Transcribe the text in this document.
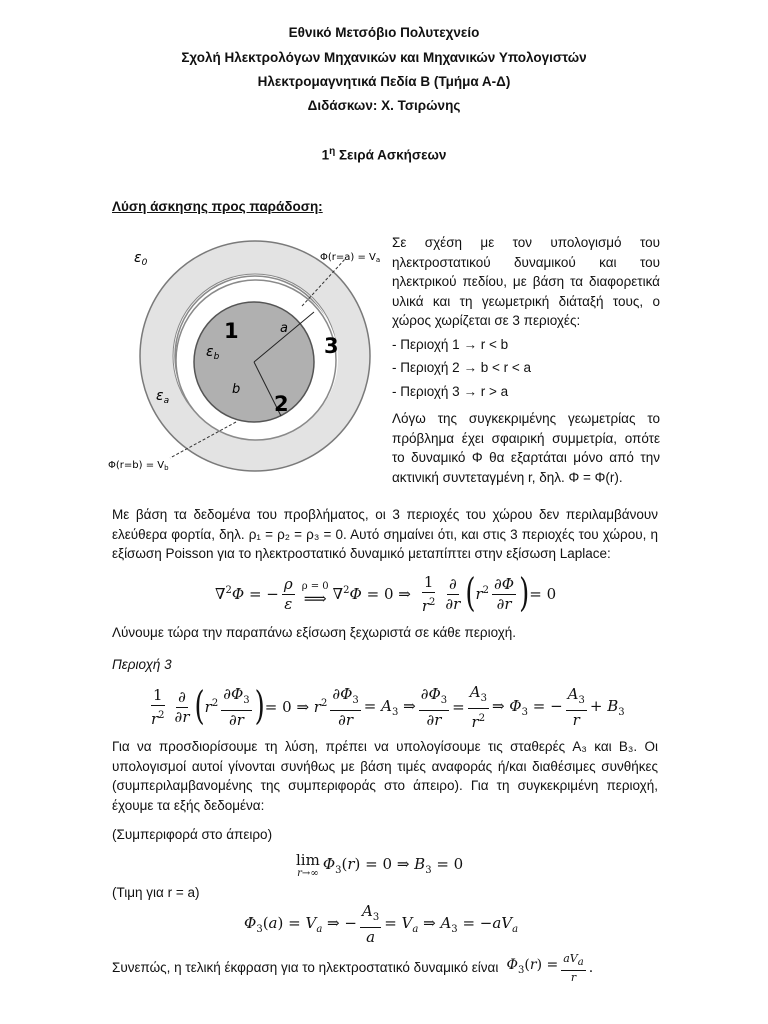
Εθνικό Μετσόβιο Πολυτεχνείο
Σχολή Ηλεκτρολόγων Μηχανικών και Μηχανικών Υπολογιστών
Ηλεκτρομαγνητικά Πεδία Β (Τμήμα Α-Δ)
Διδάσκων: Χ. Τσιρώνης
$1^\eta$ Σειρά Ασκήσεων
Λύση άσκησης προς παράδοση:
$\varepsilon_0$
$\varepsilon_b$
$\varepsilon_a$
1
2
3
a
b
$\Phi(r=a) = V_a$
$\Phi(r=b) = V_b$

Σε σχέση με τον υπολογισμό του

ηλεκτροστατικού δυναμικού και του

ηλεκτρικού πεδίου, με βάση τα διαφορετικά

υλικά και τη γεωμετρική διάταξή τους, ο

χώρος χωρίζεται σε 3 περιοχές:

- Περιοχή 1 → r < b

- Περιοχή 2 → b < r < a

- Περιοχή 3 → r > a

Λόγω της συγκεκριμένης γεωμετρίας το πρόβλημα έχει σφαιρική συμμετρία, οπότε το δυναμικό Φ θα εξαρτάται μόνο από την ακτινική συντεταγμένη r, δηλ. Φ = Φ(r).

Με βάση τα δεδομένα του προβλήματος, οι 3 περιοχές του χώρου δεν περιλαμβάνουν ελεύθερα φορτία, δηλ. ρ₁ = ρ₂ = ρ₃ = 0. Αυτό σημαίνει ότι, και στις 3 περιοχές του χώρου, η εξίσωση Poisson για το ηλεκτροστατικό δυναμικό μεταπίπτει στην εξίσωση Laplace:

∇$^2$Φ = − $\frac{\rho}{\varepsilon}$ ρ = 0
⟹ ∇$^2$Φ = 0 ⇒ $\frac{1}{r^2} \frac{\partial}{\partial r}$ ( $r^2 \frac{\partial\Phi}{\partial r}$ ) = 0

Λύνουμε τώρα την παραπάνω εξίσωση ξεχωριστά σε κάθε περιοχή.

Περιοχή 3

$\frac{1}{r^2} \frac{\partial}{\partial r}$ ( $r^2 \frac{\partial\Phi_3}{\partial r}$ ) = 0 ⇒ $r^2 \frac{\partial\Phi_3}{\partial r} = A_3$ ⇒ $\frac{\partial\Phi_3}{\partial r} = \frac{A_3}{r^2}$ ⇒ $\Phi_3$ = − $\frac{A_3}{r} + B_3$

Για να προσδιορίσουμε τη λύση, πρέπει να υπολογίσουμε τις σταθερές A₃ και B₃. Οι υπολογισμοί αυτοί γίνονται συνήθως με βάση τιμές αναφοράς ή/και διαθέσιμες συνθήκες (συμπεριλαμβανομένης της συμπεριφοράς στο άπειρο). Για τη συγκεκριμένη περιοχή, έχουμε τα εξής δεδομένα:

(Συμπεριφορά στο άπειρο)

lim
r→∞
$\Phi_3(r) = 0$ ⇒ $B_3 = 0$

(Τιμη για r = a)

$\Phi_3(a) = V_a$ ⇒ − $\frac{A_3}{a} = V_a$ ⇒ $A_3 = -aV_a$
Συνεπώς, η τελική έκφραση για το ηλεκτροστατικό δυναμικό είναι $\Phi_3(r) = \frac{aV_a}{r}$ .
